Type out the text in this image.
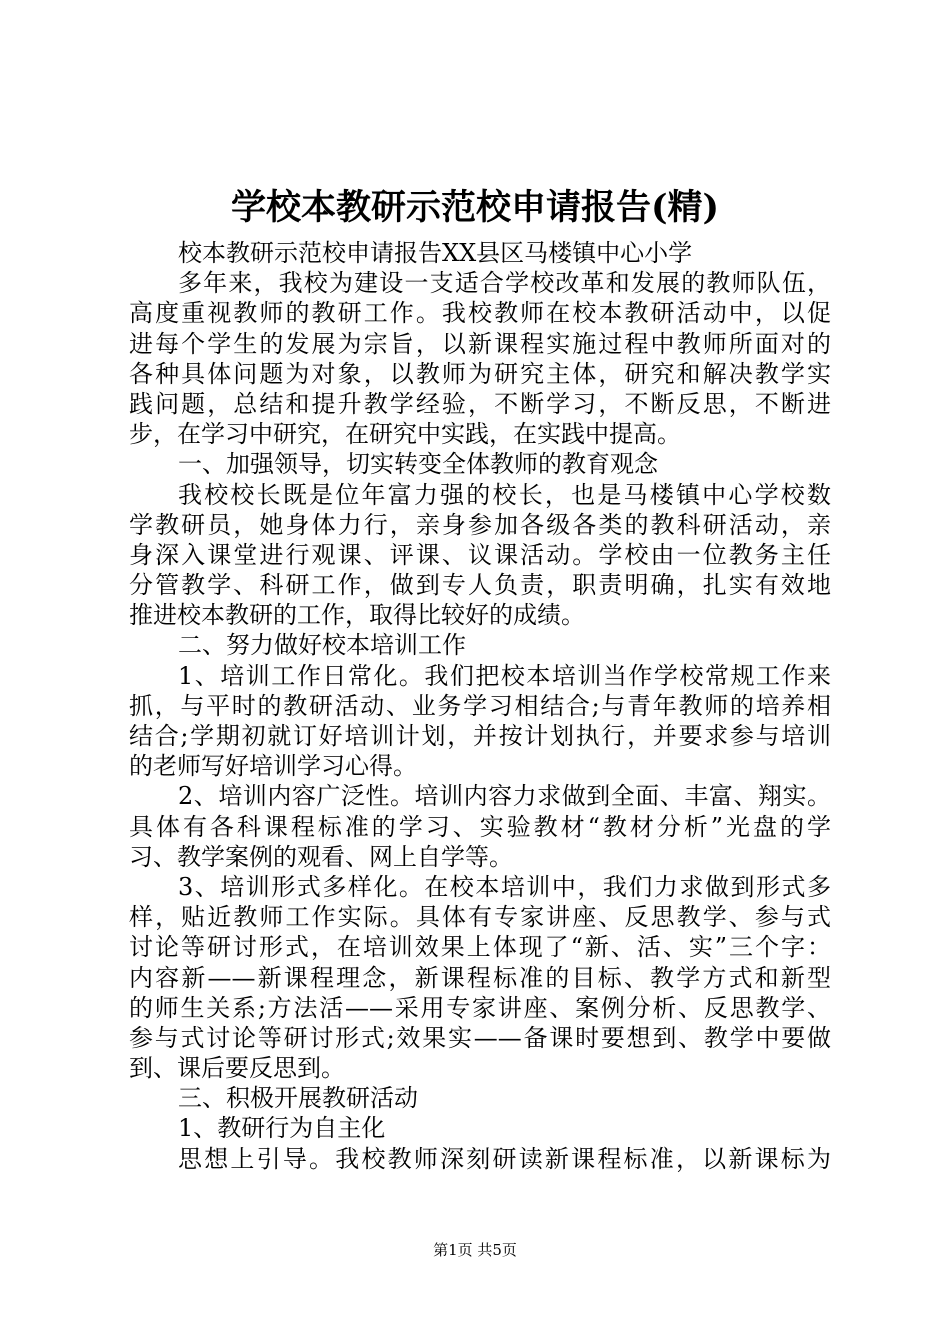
学校本教研示范校申请报告(精)
校本教研示范校申请报告XX县区马楼镇中心小学
多年来，我校为建设一支适合学校改革和发展的教师队伍，
高度重视教师的教研工作。我校教师在校本教研活动中，以促
进每个学生的发展为宗旨，以新课程实施过程中教师所面对的
各种具体问题为对象，以教师为研究主体，研究和解决教学实
践问题，总结和提升教学经验，不断学习，不断反思，不断进
步，在学习中研究，在研究中实践，在实践中提高。
一、加强领导，切实转变全体教师的教育观念
我校校长既是位年富力强的校长，也是马楼镇中心学校数
学教研员，她身体力行，亲身参加各级各类的教科研活动，亲
身深入课堂进行观课、评课、议课活动。学校由一位教务主任
分管教学、科研工作，做到专人负责，职责明确，扎实有效地
推进校本教研的工作，取得比较好的成绩。
二、努力做好校本培训工作
1、培训工作日常化。我们把校本培训当作学校常规工作来
抓，与平时的教研活动、业务学习相结合;与青年教师的培养相
结合;学期初就订好培训计划，并按计划执行，并要求参与培训
的老师写好培训学习心得。
2、培训内容广泛性。培训内容力求做到全面、丰富、翔实。
具体有各科课程标准的学习、实验教材“教材分析”光盘的学
习、教学案例的观看、网上自学等。
3、培训形式多样化。在校本培训中，我们力求做到形式多
样，贴近教师工作实际。具体有专家讲座、反思教学、参与式
讨论等研讨形式，在培训效果上体现了“新、活、实”三个字：
内容新——新课程理念，新课程标准的目标、教学方式和新型
的师生关系;方法活——采用专家讲座、案例分析、反思教学、
参与式讨论等研讨形式;效果实——备课时要想到、教学中要做
到、课后要反思到。
三、积极开展教研活动
1、教研行为自主化
思想上引导。我校教师深刻研读新课程标准，以新课标为
第1页 共5页
